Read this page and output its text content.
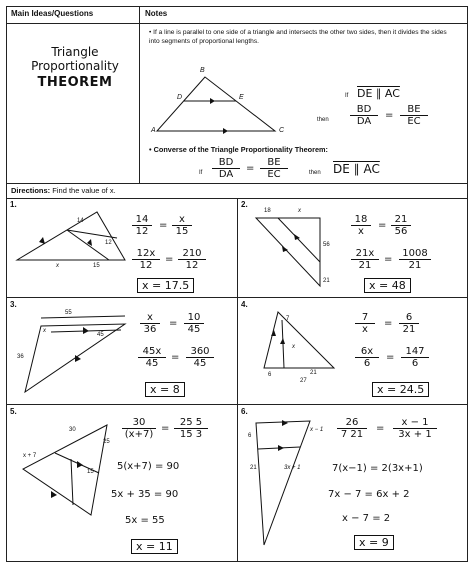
Main Ideas/Questions	Notes
Triangle
Proportionality
THEOREM
• If a line is parallel to one side of a triangle and intersects the other two sides, then it divides the sides into segments of proportional lengths.
B
D	E
A	C
If DE ∥ AC
then
BD
DA
=
BE
EC
• Converse of the Triangle Proportionality Theorem:
If
BD
DA
=
BE
EC	then DE ∥ AC
Directions: Find the value of x.
1.
14
12
x	15
14
12
=
x
15
12x
12
=
210
12
x = 17.5
2.
18	x
56
21
18
x
=
21
56
21x
21
=
1008
21
x = 48
3.
55
x
45
36
x
36
=
10
45
45x
45
=
360
45
x = 8
4.
7
x
6
27
21
7
x
=
6
21
6x
6
=
147
6
x = 24.5
5.
30
25
x + 7
15
30
(x+7)
=
25 5
15 3
5(x+7) = 90
5x + 35 = 90
5x = 55
x = 11
6.
6
x − 1
3x + 1
21
26
7 21
=
x − 1
3x + 1
7(x−1) = 2(3x+1)
7x − 7 = 6x + 2
x − 7 = 2
x = 9
